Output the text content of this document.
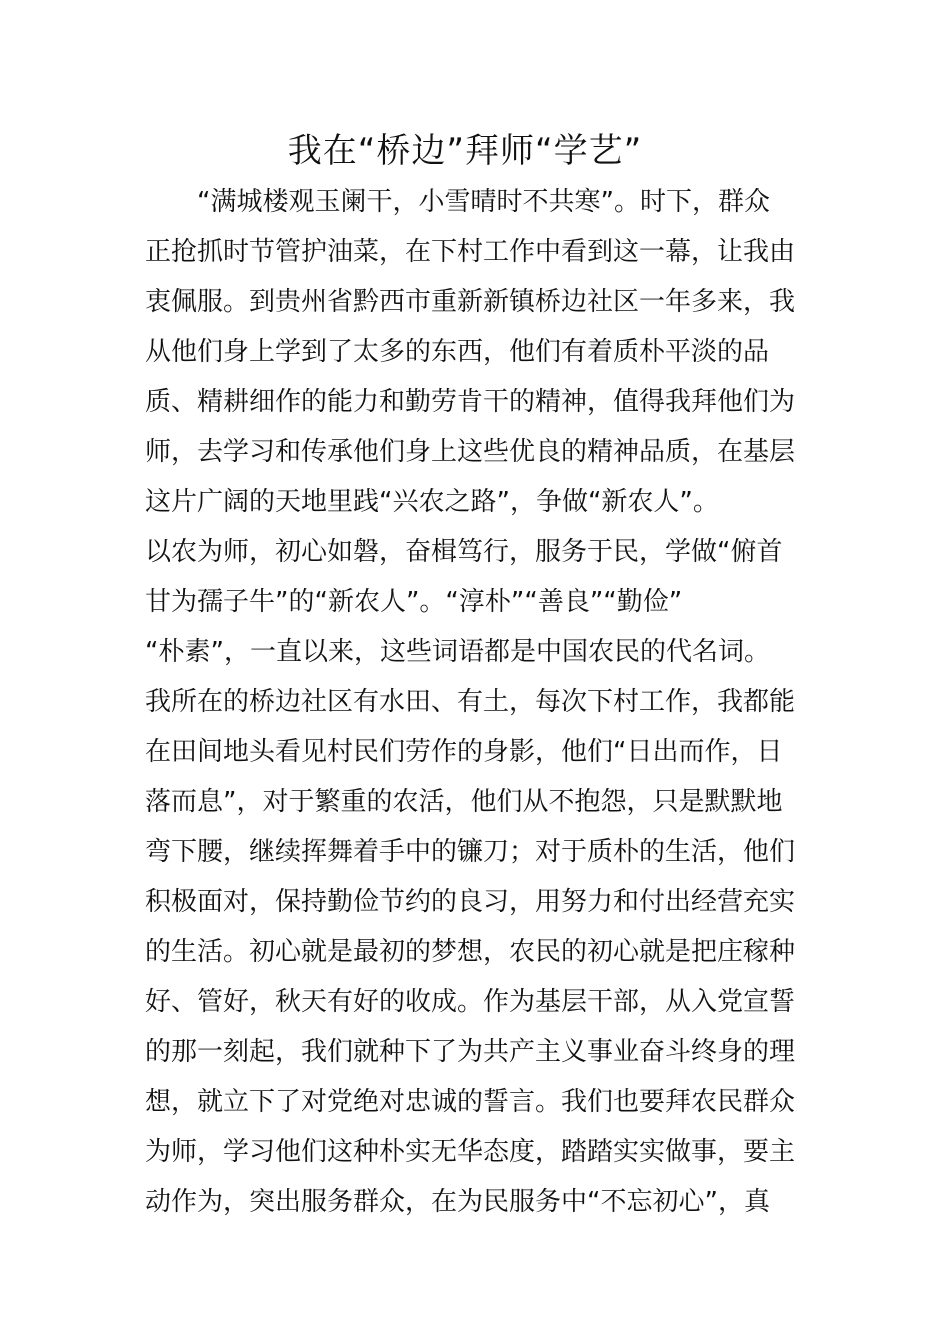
我在“桥边”拜师“学艺”

　　“满城楼观玉阑干，小雪晴时不共寒”。时下，群众

正抢抓时节管护油菜，在下村工作中看到这一幕，让我由

衷佩服。到贵州省黔西市重新新镇桥边社区一年多来，我

从他们身上学到了太多的东西，他们有着质朴平淡的品

质、精耕细作的能力和勤劳肯干的精神，值得我拜他们为

师，去学习和传承他们身上这些优良的精神品质，在基层

这片广阔的天地里践“兴农之路”，争做“新农人”。

以农为师，初心如磐，奋楫笃行，服务于民，学做“俯首

甘为孺子牛”的“新农人”。“淳朴”“善良”“勤俭”

“朴素”，一直以来，这些词语都是中国农民的代名词。

我所在的桥边社区有水田、有土，每次下村工作，我都能

在田间地头看见村民们劳作的身影，他们“日出而作，日

落而息”，对于繁重的农活，他们从不抱怨，只是默默地

弯下腰，继续挥舞着手中的镰刀；对于质朴的生活，他们

积极面对，保持勤俭节约的良习，用努力和付出经营充实

的生活。初心就是最初的梦想，农民的初心就是把庄稼种

好、管好，秋天有好的收成。作为基层干部，从入党宣誓

的那一刻起，我们就种下了为共产主义事业奋斗终身的理

想，就立下了对党绝对忠诚的誓言。我们也要拜农民群众

为师，学习他们这种朴实无华态度，踏踏实实做事，要主

动作为，突出服务群众，在为民服务中“不忘初心”，真
